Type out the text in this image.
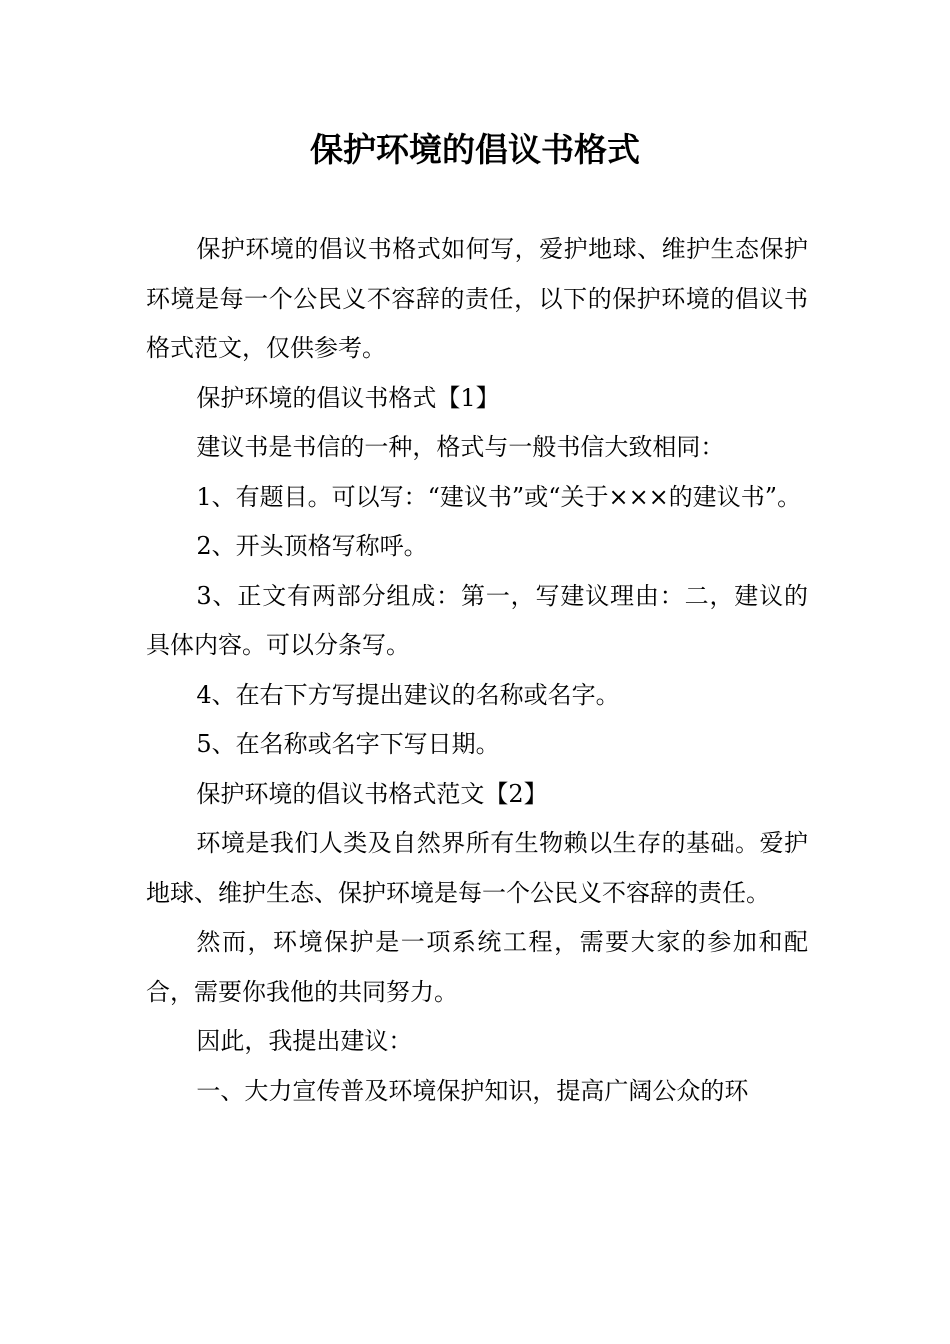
保护环境的倡议书格式

保护环境的倡议书格式如何写，爱护地球、维护生态保护环境是每一个公民义不容辞的责任，以下的保护环境的倡议书格式范文，仅供参考。

保护环境的倡议书格式【1】

建议书是书信的一种，格式与一般书信大致相同：

1、有题目。可以写：“建议书”或“关于×××的建议书”。

2、开头顶格写称呼。

3、正文有两部分组成：第一，写建议理由：二，建议的具体内容。可以分条写。

4、在右下方写提出建议的名称或名字。

5、在名称或名字下写日期。

保护环境的倡议书格式范文【2】

环境是我们人类及自然界所有生物赖以生存的基础。爱护地球、维护生态、保护环境是每一个公民义不容辞的责任。

然而，环境保护是一项系统工程，需要大家的参加和配合，需要你我他的共同努力。

因此，我提出建议：

一、大力宣传普及环境保护知识，提高广阔公众的环
